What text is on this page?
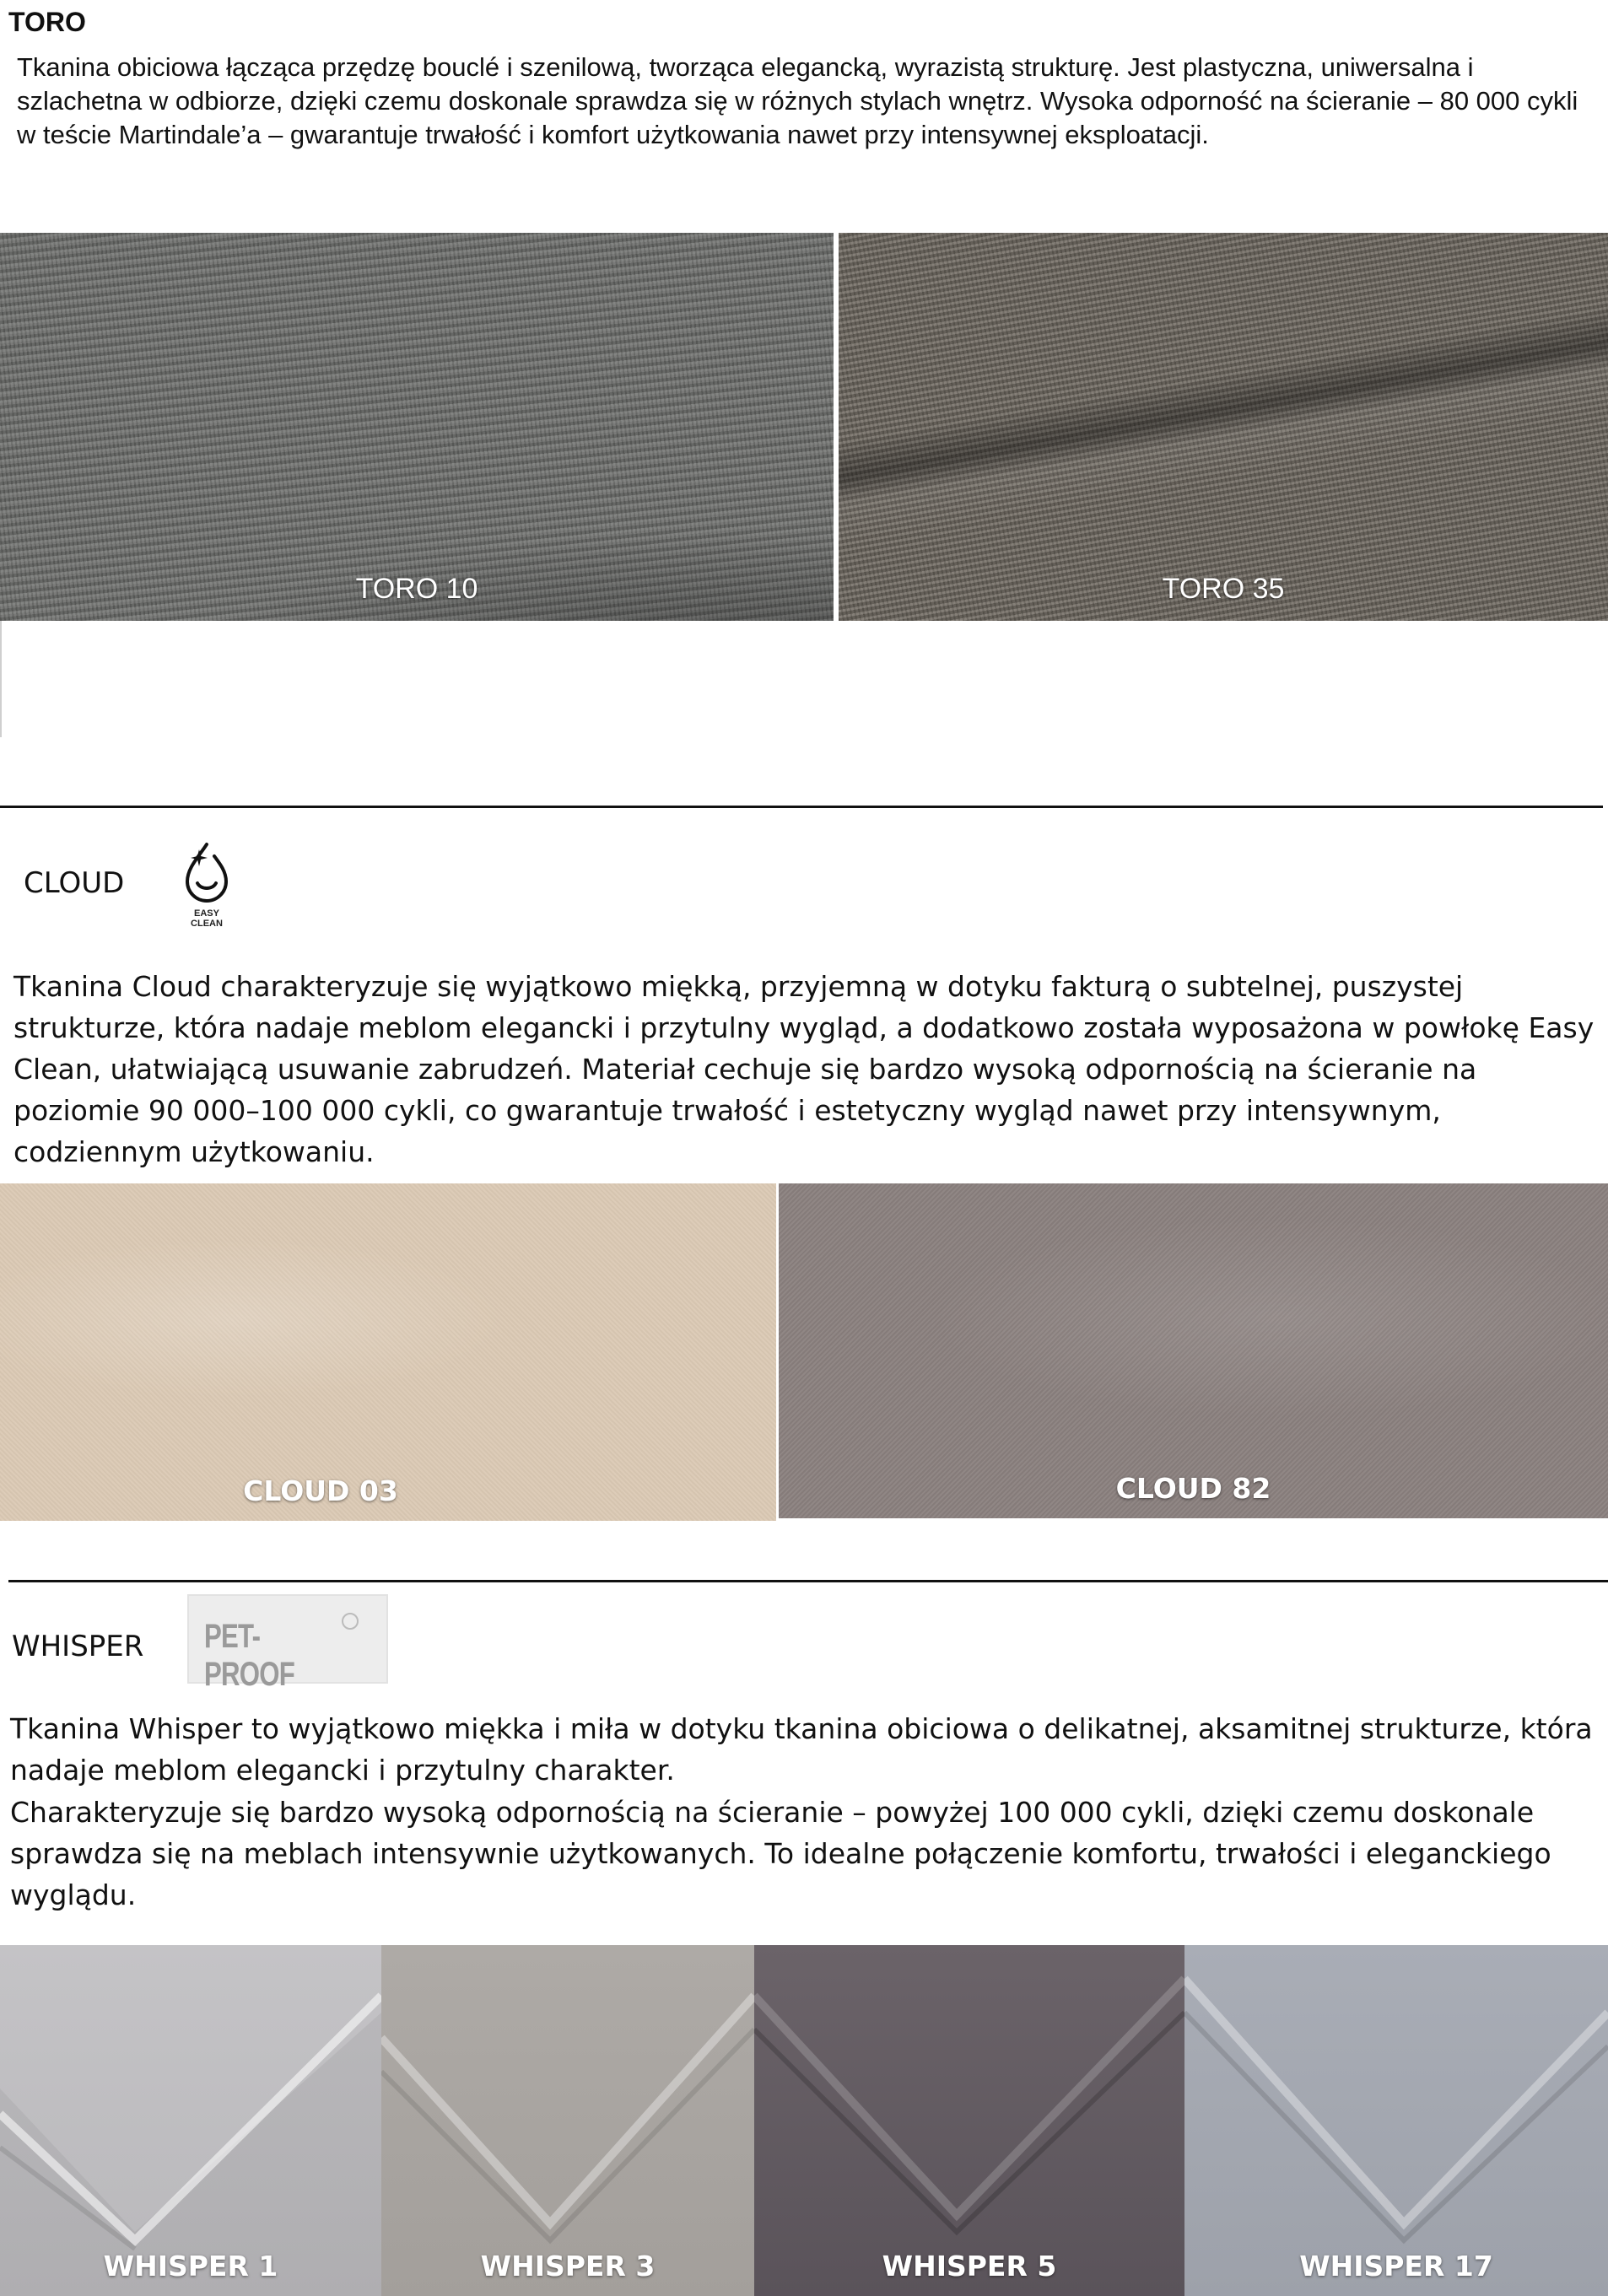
TORO
Tkanina obiciowa łącząca przędzę bouclé i szenilową, tworząca elegancką, wyrazistą strukturę. Jest plastyczna, uniwersalna i szlachetna w odbiorze, dzięki czemu doskonale sprawdza się w różnych stylach wnętrz. Wysoka odporność na ścieranie – 80 000 cykli w teście Martindale’a – gwarantuje trwałość i komfort użytkowania nawet przy intensywnej eksploatacji.
TORO 10	TORO 35
CLOUD
EASY
CLEAN
Tkanina Cloud charakteryzuje się wyjątkowo miękką, przyjemną w dotyku fakturą o subtelnej, puszystej strukturze, która nadaje meblom elegancki i przytulny wygląd, a dodatkowo została wyposażona w powłokę Easy Clean, ułatwiającą usuwanie zabrudzeń. Materiał cechuje się bardzo wysoką odpornością na ścieranie na poziomie 90 000–100 000 cykli, co gwarantuje trwałość i estetyczny wygląd nawet przy intensywnym, codziennym użytkowaniu.
CLOUD 03	CLOUD 82
WHISPER PET-PROOF
Tkanina Whisper to wyjątkowo miękka i miła w dotyku tkanina obiciowa o delikatnej, aksamitnej strukturze, która nadaje meblom elegancki i przytulny charakter.
Charakteryzuje się bardzo wysoką odpornością na ścieranie – powyżej 100 000 cykli, dzięki czemu doskonale sprawdza się na meblach intensywnie użytkowanych. To idealne połączenie komfortu, trwałości i eleganckiego wyglądu.
WHISPER 1	WHISPER 3	WHISPER 5	WHISPER 17
